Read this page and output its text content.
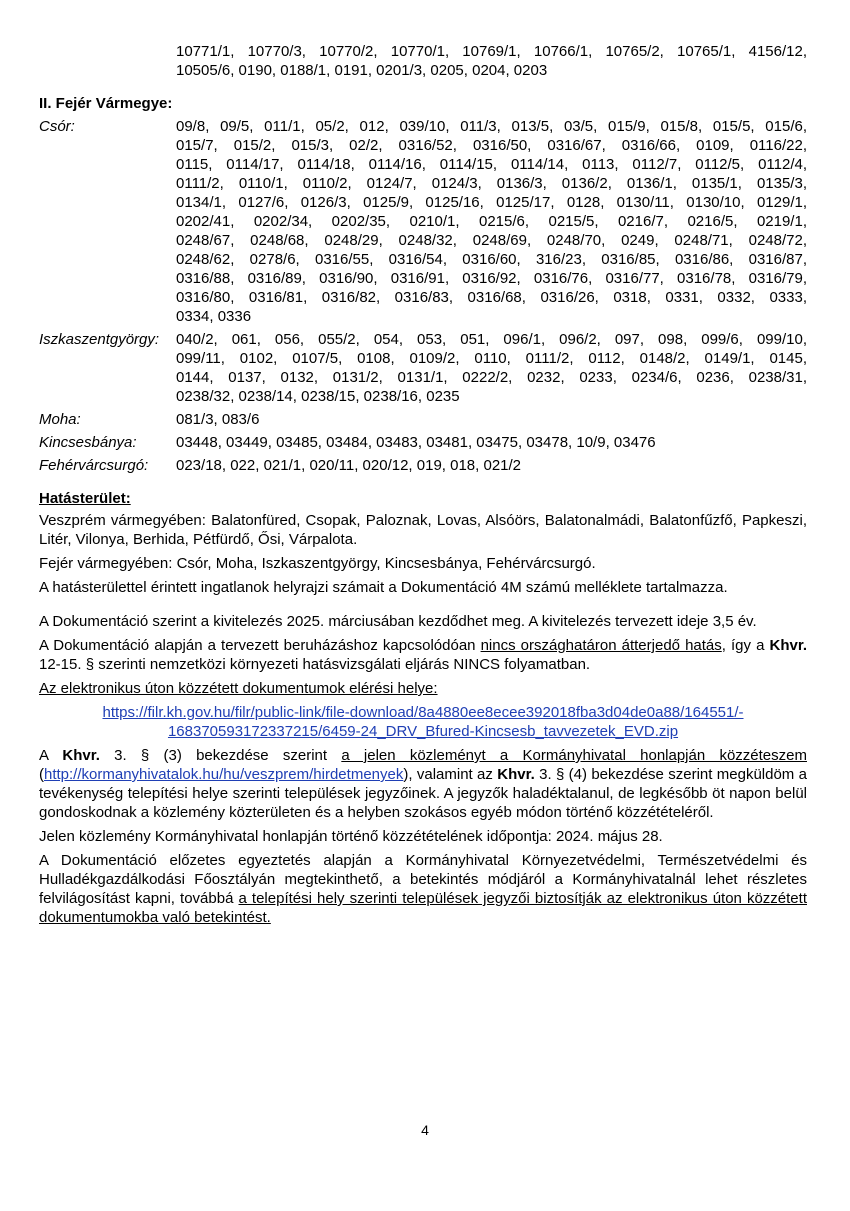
10771/1, 10770/3, 10770/2, 10770/1, 10769/1, 10766/1, 10765/2, 10765/1, 4156/12,
10505/6, 0190, 0188/1, 0191, 0201/3, 0205, 0204, 0203
II. Fejér Vármegye:
Csór:	09/8, 09/5, 011/1, 05/2, 012, 039/10, 011/3, 013/5, 03/5, 015/9, 015/8, 015/5, 015/6,
015/7, 015/2, 015/3, 02/2, 0316/52, 0316/50, 0316/67, 0316/66, 0109, 0116/22,
0115, 0114/17, 0114/18, 0114/16, 0114/15, 0114/14, 0113, 0112/7, 0112/5, 0112/4,
0111/2, 0110/1, 0110/2, 0124/7, 0124/3, 0136/3, 0136/2, 0136/1, 0135/1, 0135/3,
0134/1, 0127/6, 0126/3, 0125/9, 0125/16, 0125/17, 0128, 0130/11, 0130/10, 0129/1,
0202/41, 0202/34, 0202/35, 0210/1, 0215/6, 0215/5, 0216/7, 0216/5, 0219/1,
0248/67, 0248/68, 0248/29, 0248/32, 0248/69, 0248/70, 0249, 0248/71, 0248/72,
0248/62, 0278/6, 0316/55, 0316/54, 0316/60, 316/23, 0316/85, 0316/86, 0316/87,
0316/88, 0316/89, 0316/90, 0316/91, 0316/92, 0316/76, 0316/77, 0316/78, 0316/79,
0316/80, 0316/81, 0316/82, 0316/83, 0316/68, 0316/26, 0318, 0331, 0332, 0333,
0334, 0336
Iszkaszentgyörgy:	040/2, 061, 056, 055/2, 054, 053, 051, 096/1, 096/2, 097, 098, 099/6, 099/10,
099/11, 0102, 0107/5, 0108, 0109/2, 0110, 0111/2, 0112, 0148/2, 0149/1, 0145,
0144, 0137, 0132, 0131/2, 0131/1, 0222/2, 0232, 0233, 0234/6, 0236, 0238/31,
0238/32, 0238/14, 0238/15, 0238/16, 0235
Moha:	081/3, 083/6
Kincsesbánya:	03448, 03449, 03485, 03484, 03483, 03481, 03475, 03478, 10/9, 03476
Fehérvárcsurgó:	023/18, 022, 021/1, 020/11, 020/12, 019, 018, 021/2
Hatásterület:

Veszprém vármegyében: Balatonfüred, Csopak, Paloznak, Lovas, Alsóörs, Balatonalmádi, Balatonfűzfő, Papkeszi, Litér, Vilonya, Berhida, Pétfürdő, Ősi, Várpalota.

Fejér vármegyében: Csór, Moha, Iszkaszentgyörgy, Kincsesbánya, Fehérvárcsurgó.

A hatásterülettel érintett ingatlanok helyrajzi számait a Dokumentáció 4M számú melléklete tartalmazza.

A Dokumentáció szerint a kivitelezés 2025. márciusában kezdődhet meg. A kivitelezés tervezett ideje 3,5 év.

A Dokumentáció alapján a tervezett beruházáshoz kapcsolódóan nincs országhatáron átterjedő hatás, így a Khvr. 12-15. § szerinti nemzetközi környezeti hatásvizsgálati eljárás NINCS folyamatban.

Az elektronikus úton közzétett dokumentumok elérési helye:

https://filr.kh.gov.hu/filr/public-link/file-download/8a4880ee8ecee392018fba3d04de0a88/164551/-
168370593172337215/6459-24_DRV_Bfured-Kincsesb_tavvezetek_EVD.zip

A Khvr. 3. § (3) bekezdése szerint a jelen közleményt a Kormányhivatal honlapján közzéteszem (http://kormanyhivatalok.hu/hu/veszprem/hirdetmenyek), valamint az Khvr. 3. § (4) bekezdése szerint megküldöm a tevékenység telepítési helye szerinti települések jegyzőinek. A jegyzők haladéktalanul, de legkésőbb öt napon belül gondoskodnak a közlemény közterületen és a helyben szokásos egyéb módon történő közzétételéről.

Jelen közlemény Kormányhivatal honlapján történő közzétételének időpontja: 2024. május 28.

A Dokumentáció előzetes egyeztetés alapján a Kormányhivatal Környezetvédelmi, Természetvédelmi és Hulladékgazdálkodási Főosztályán megtekinthető, a betekintés módjáról a Kormányhivatalnál lehet részletes felvilágosítást kapni, továbbá a telepítési hely szerinti települések jegyzői biztosítják az elektronikus úton közzétett dokumentumokba való betekintést.

4
